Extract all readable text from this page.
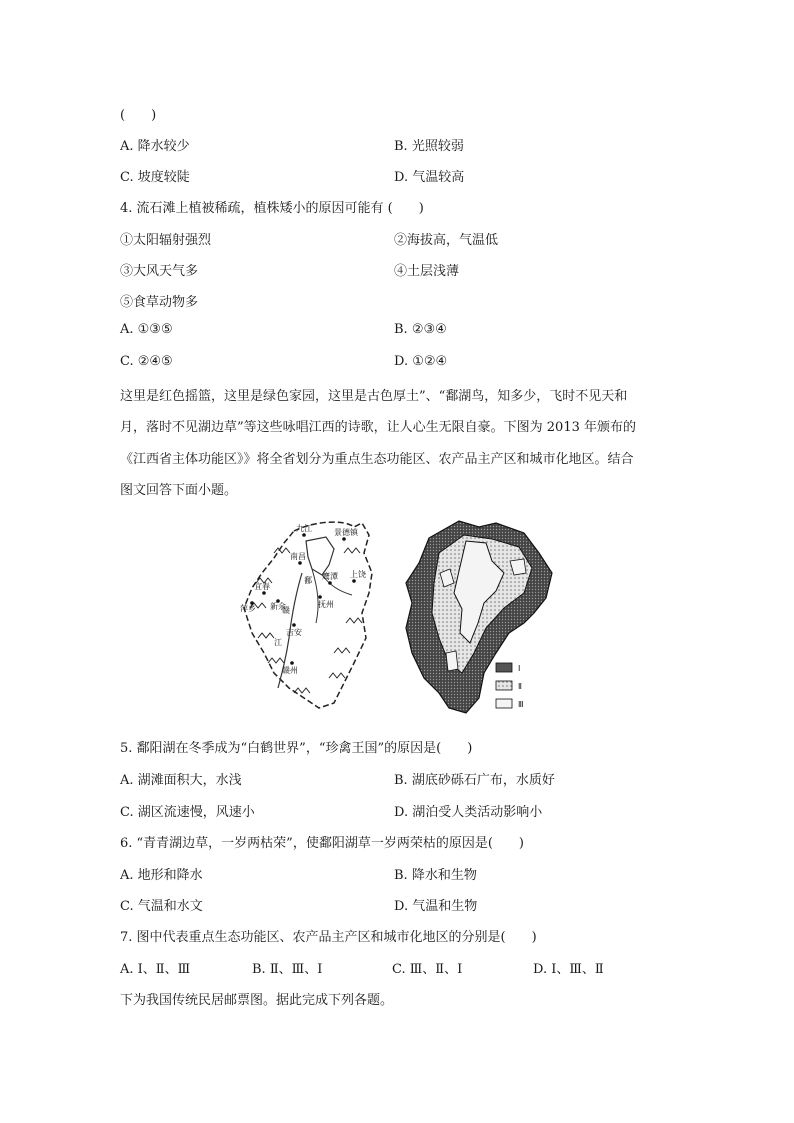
(　　)
A. 降水较少	B. 光照较弱
C. 坡度较陡	D. 气温较高
4. 流石滩上植被稀疏，植株矮小的原因可能有 (　　)
①太阳辐射强烈	②海拔高，气温低
③大风天气多	④土层浅薄
⑤食草动物多
A. ①③⑤	B. ②③④
C. ②④⑤	D. ①②④
这里是红色摇篮，这里是绿色家园，这里是古色厚土”、“鄱湖鸟，知多少，飞时不见天和
月，落时不见湖边草”等这些咏唱江西的诗歌，让人心生无限自豪。下图为 2013 年颁布的
《江西省主体功能区》》将全省划分为重点生态功能区、农产品主产区和城市化地区。结合
图文回答下面小题。
九江	景德镇
南昌
鄱 鹰潭 上饶
宜春
新余
萍乡	抚州
吉安
赣
江
赣州	Ⅰ
Ⅱ
Ⅲ
5. 鄱阳湖在冬季成为“白鹤世界”，“珍禽王国”的原因是(　　)
A. 湖滩面积大，水浅	B. 湖底砂砾石广布，水质好
C. 湖区流速慢，风速小	D. 湖泊受人类活动影响小
6. “青青湖边草，一岁两枯荣”，使鄱阳湖草一岁两荣枯的原因是(　　)
A. 地形和降水	B. 降水和生物
C. 气温和水文	D. 气温和生物
7. 图中代表重点生态功能区、农产品主产区和城市化地区的分别是(　　)
A. Ⅰ、Ⅱ、Ⅲ	B. Ⅱ、Ⅲ、Ⅰ	C. Ⅲ、Ⅱ、Ⅰ	D. Ⅰ、Ⅲ、Ⅱ
下为我国传统民居邮票图。据此完成下列各题。
